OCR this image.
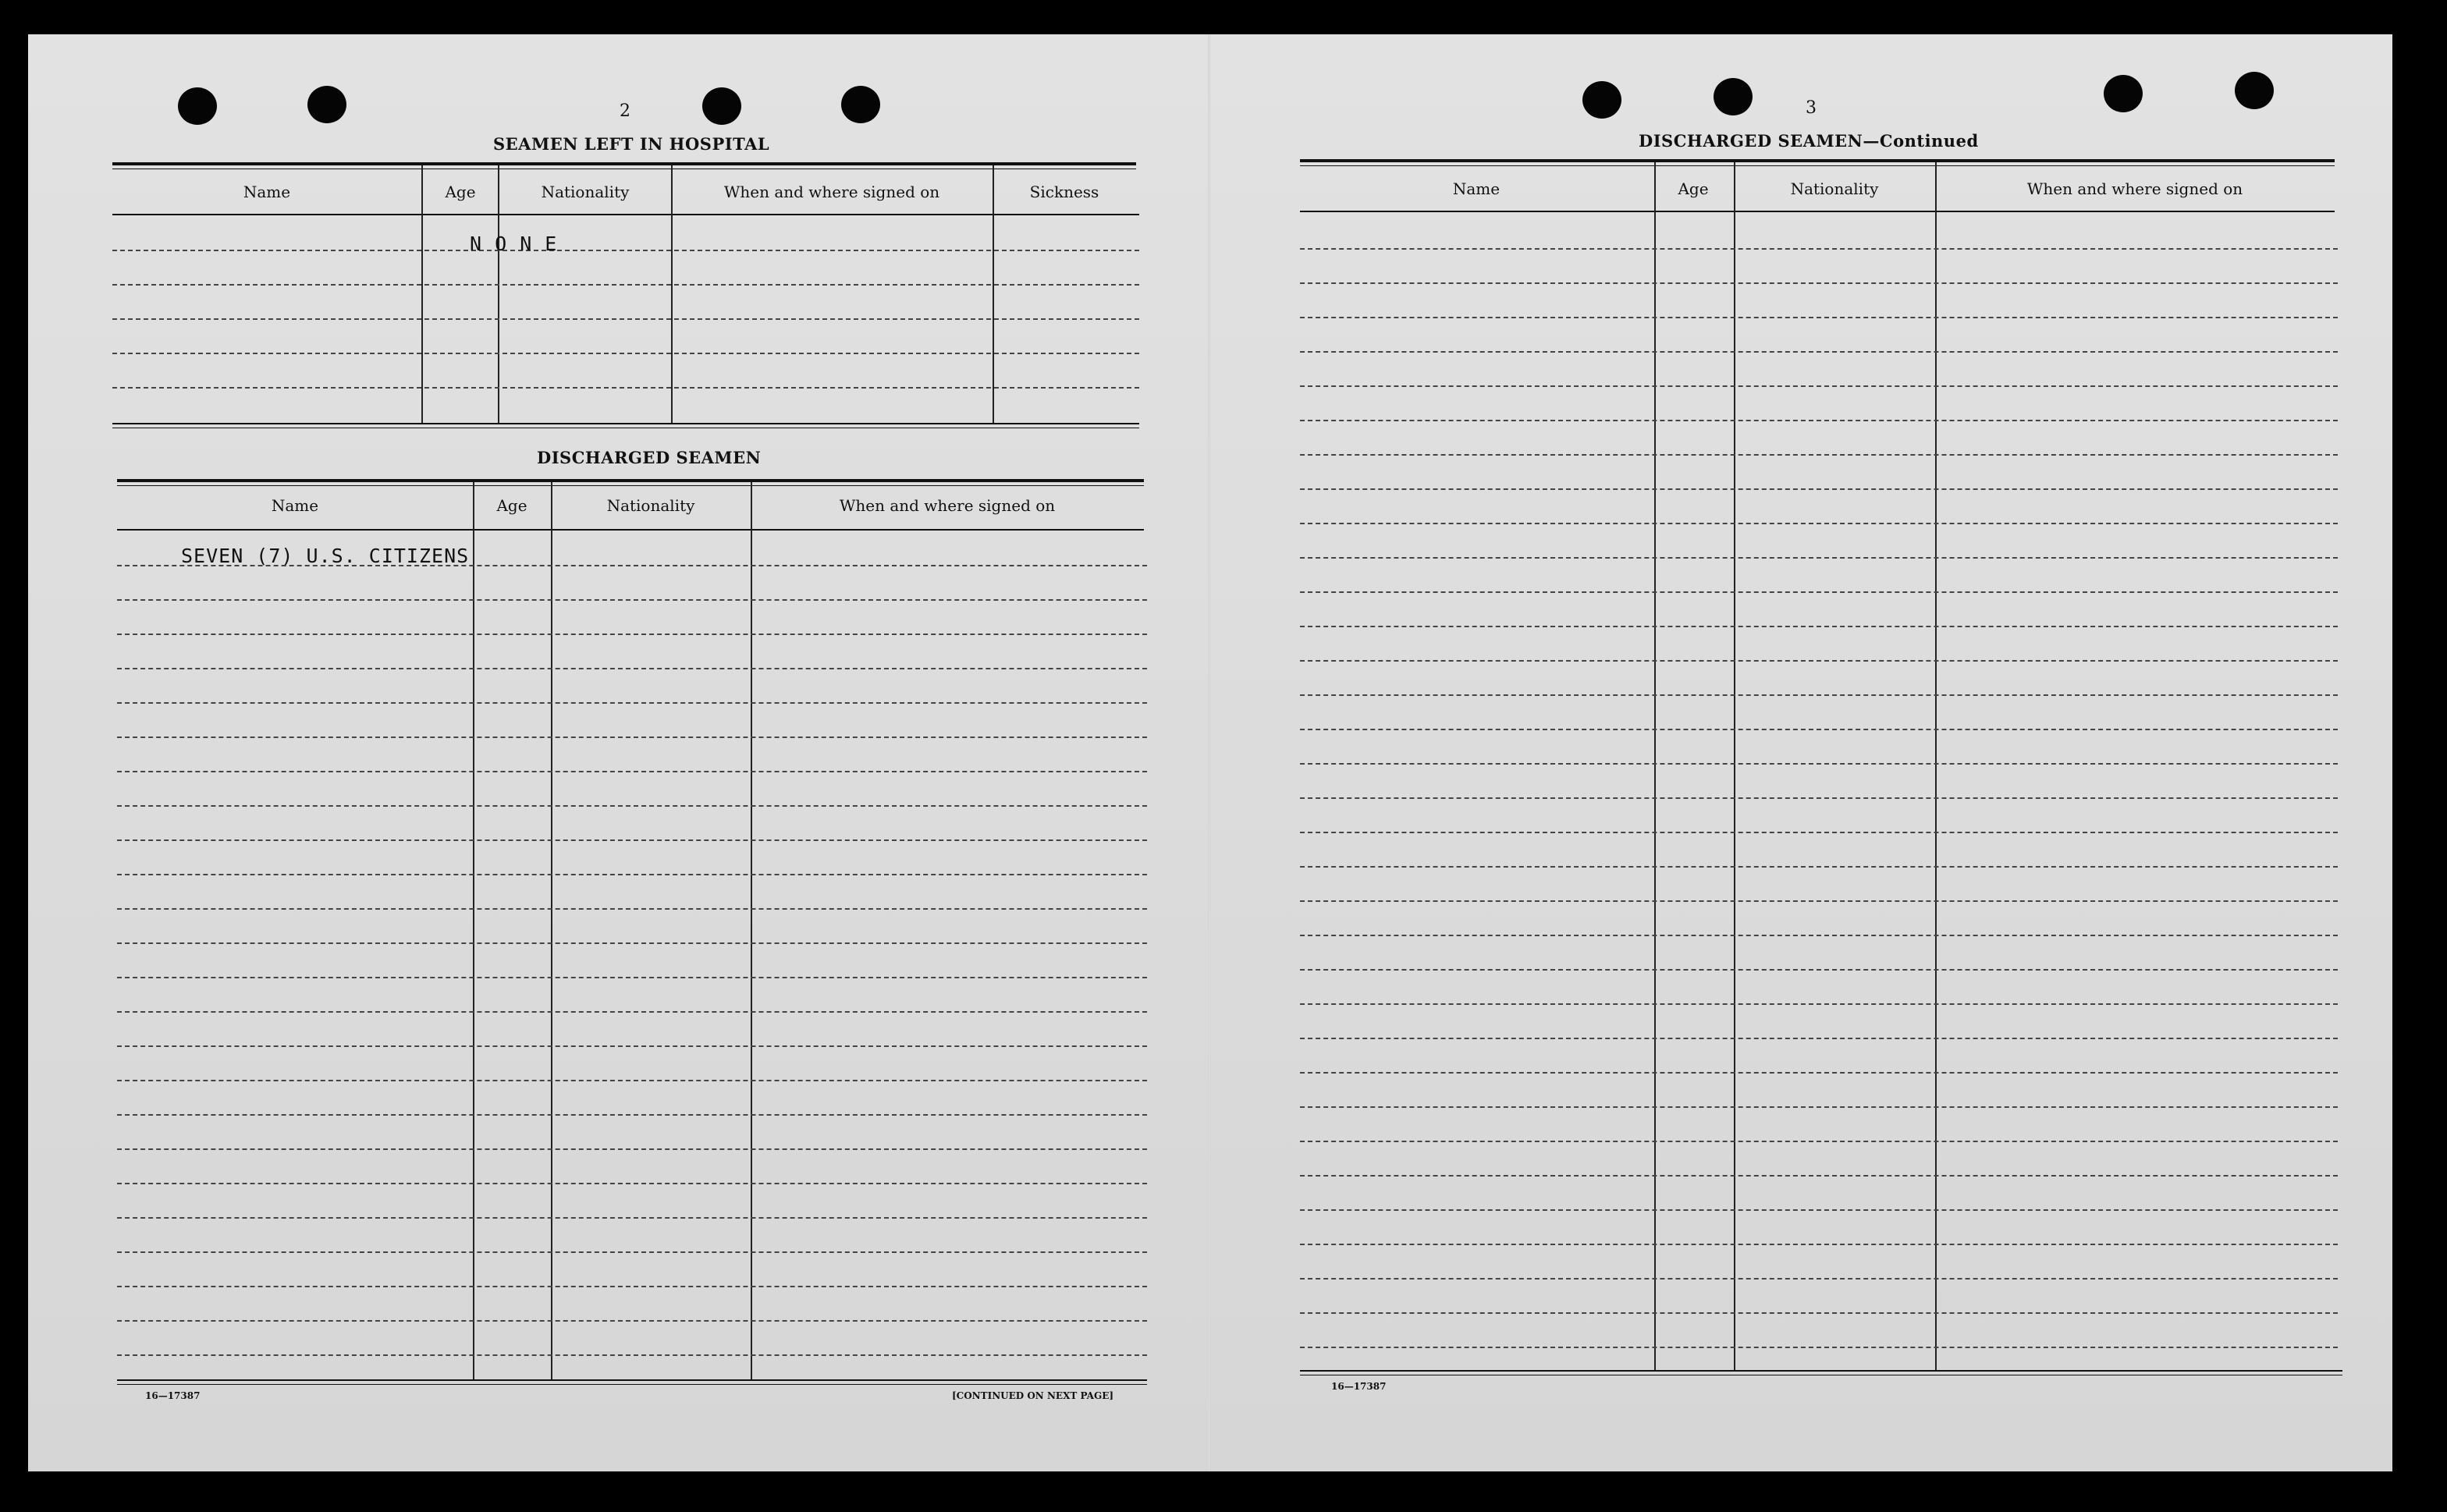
2
SEAMEN LEFT IN HOSPITAL
Name	Age	Nationality	When and where signed on	Sickness
N O N E
DISCHARGED SEAMEN
Name	Age	Nationality	When and where signed on
SEVEN (7) U.S. CITIZENS
16—17387	[CONTINUED ON NEXT PAGE]
3
DISCHARGED SEAMEN—Continued
Name	Age	Nationality	When and where signed on
16—17387
